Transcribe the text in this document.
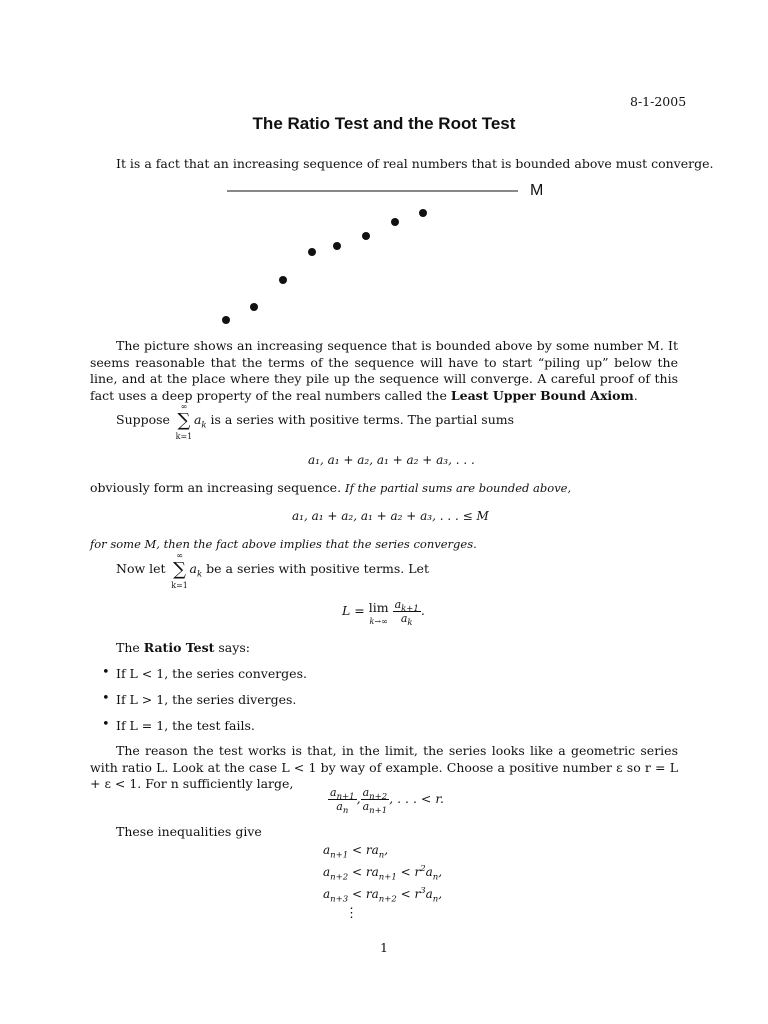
8-1-2005
The Ratio Test and the Root Test
It is a fact that an increasing sequence of real numbers that is bounded above must converge.
M
The picture shows an increasing sequence that is bounded above by some number M. It seems reasonable that the terms of the sequence will have to start “piling up” below the line, and at the place where they pile up the sequence will converge. A careful proof of this fact uses a deep property of the real numbers called the Least Upper Bound Axiom.
Suppose
∞
∑
k=1
$a_k$ is a series with positive terms. The partial sums
a₁, a₁ + a₂, a₁ + a₂ + a₃, . . .
obviously form an increasing sequence. If the partial sums are bounded above,
a₁, a₁ + a₂, a₁ + a₂ + a₃, . . . ≤ M
for some M, then the fact above implies that the series converges.
Now let
∞
∑
k=1
$a_k$ be a series with positive terms. Let
L = lim
k→∞
$\frac{a_{k+1}}{a_k}$ .
The Ratio Test says:
• If L < 1, the series converges.
• If L > 1, the series diverges.
• If L = 1, the test fails.
The reason the test works is that, in the limit, the series looks like a geometric series with ratio L. Look at the case L < 1 by way of example. Choose a positive number ε so r = L + ε < 1. For n sufficiently large,
$\frac{a_{n+1}}{a_n}$ , $\frac{a_{n+2}}{a_{n+1}}$ , . . . < r.
These inequalities give
$a_{n+1} < ra_n$,
$a_{n+2} < ra_{n+1} < r^2a_n$,
$a_{n+3} < ra_{n+2} < r^3a_n$,
⋮
1
